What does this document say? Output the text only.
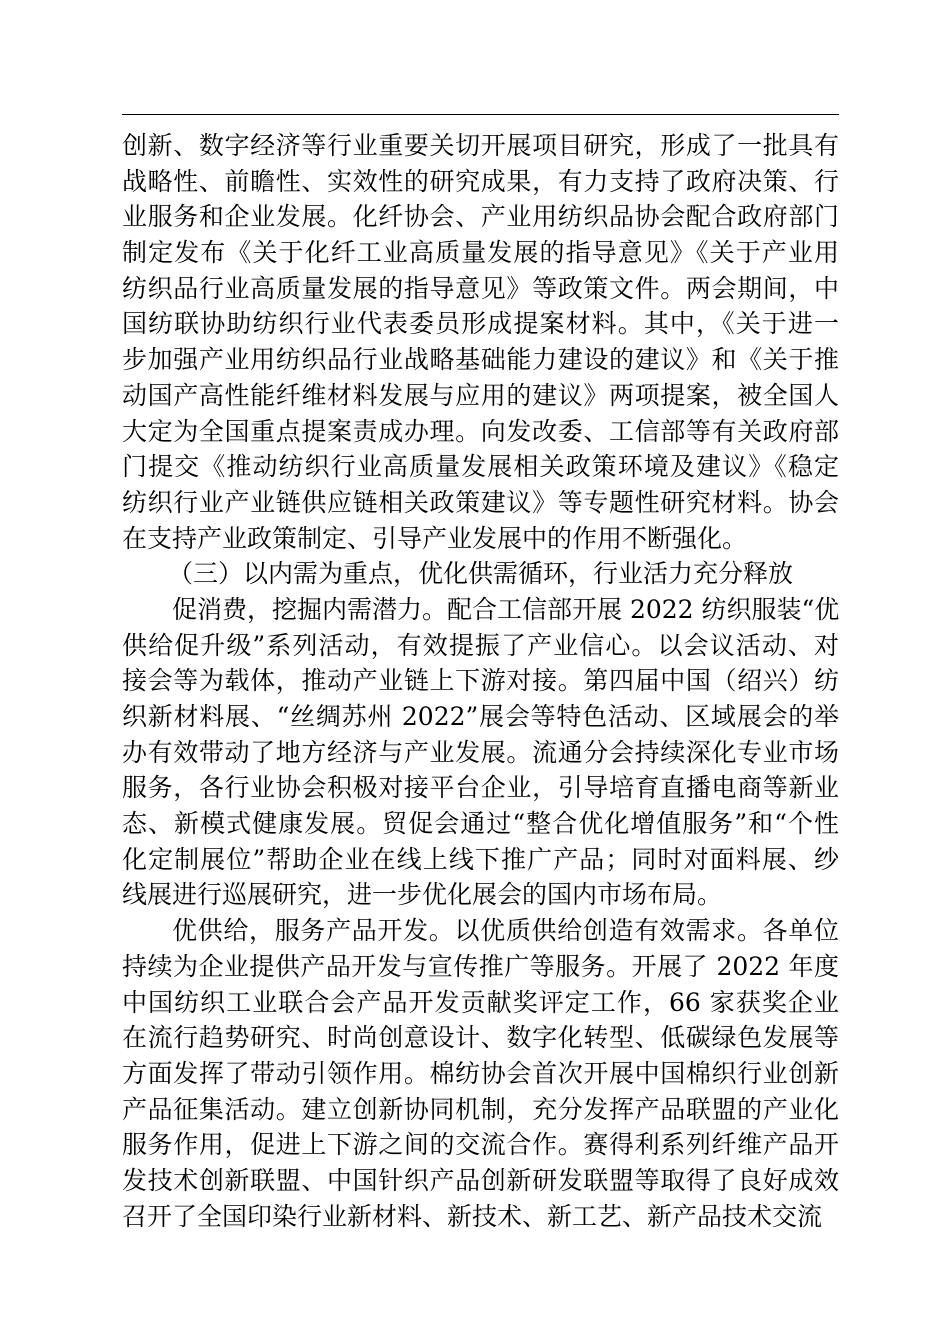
创新、数字经济等行业重要关切开展项目研究，形成了一批具有
战略性、前瞻性、实效性的研究成果，有力支持了政府决策、行
业服务和企业发展。化纤协会、产业用纺织品协会配合政府部门
制定发布《关于化纤工业高质量发展的指导意见》《关于产业用
纺织品行业高质量发展的指导意见》等政策文件。两会期间，中
国纺联协助纺织行业代表委员形成提案材料。其中，《关于进一
步加强产业用纺织品行业战略基础能力建设的建议》和《关于推
动国产高性能纤维材料发展与应用的建议》两项提案，被全国人
大定为全国重点提案责成办理。向发改委、工信部等有关政府部
门提交《推动纺织行业高质量发展相关政策环境及建议》《稳定
纺织行业产业链供应链相关政策建议》等专题性研究材料。协会
在支持产业政策制定、引导产业发展中的作用不断强化。
（三）以内需为重点，优化供需循环，行业活力充分释放
促消费，挖掘内需潜力。配合工信部开展 2022 纺织服装“优
供给促升级”系列活动，有效提振了产业信心。以会议活动、对
接会等为载体，推动产业链上下游对接。第四届中国（绍兴）纺
织新材料展、“丝绸苏州 2022”展会等特色活动、区域展会的举
办有效带动了地方经济与产业发展。流通分会持续深化专业市场
服务，各行业协会积极对接平台企业，引导培育直播电商等新业
态、新模式健康发展。贸促会通过“整合优化增值服务”和“个性
化定制展位”帮助企业在线上线下推广产品；同时对面料展、纱
线展进行巡展研究，进一步优化展会的国内市场布局。
优供给，服务产品开发。以优质供给创造有效需求。各单位
持续为企业提供产品开发与宣传推广等服务。开展了 2022 年度
中国纺织工业联合会产品开发贡献奖评定工作，66 家获奖企业
在流行趋势研究、时尚创意设计、数字化转型、低碳绿色发展等
方面发挥了带动引领作用。棉纺协会首次开展中国棉织行业创新
产品征集活动。建立创新协同机制，充分发挥产品联盟的产业化
服务作用，促进上下游之间的交流合作。赛得利系列纤维产品开
发技术创新联盟、中国针织产品创新研发联盟等取得了良好成效
召开了全国印染行业新材料、新技术、新工艺、新产品技术交流
